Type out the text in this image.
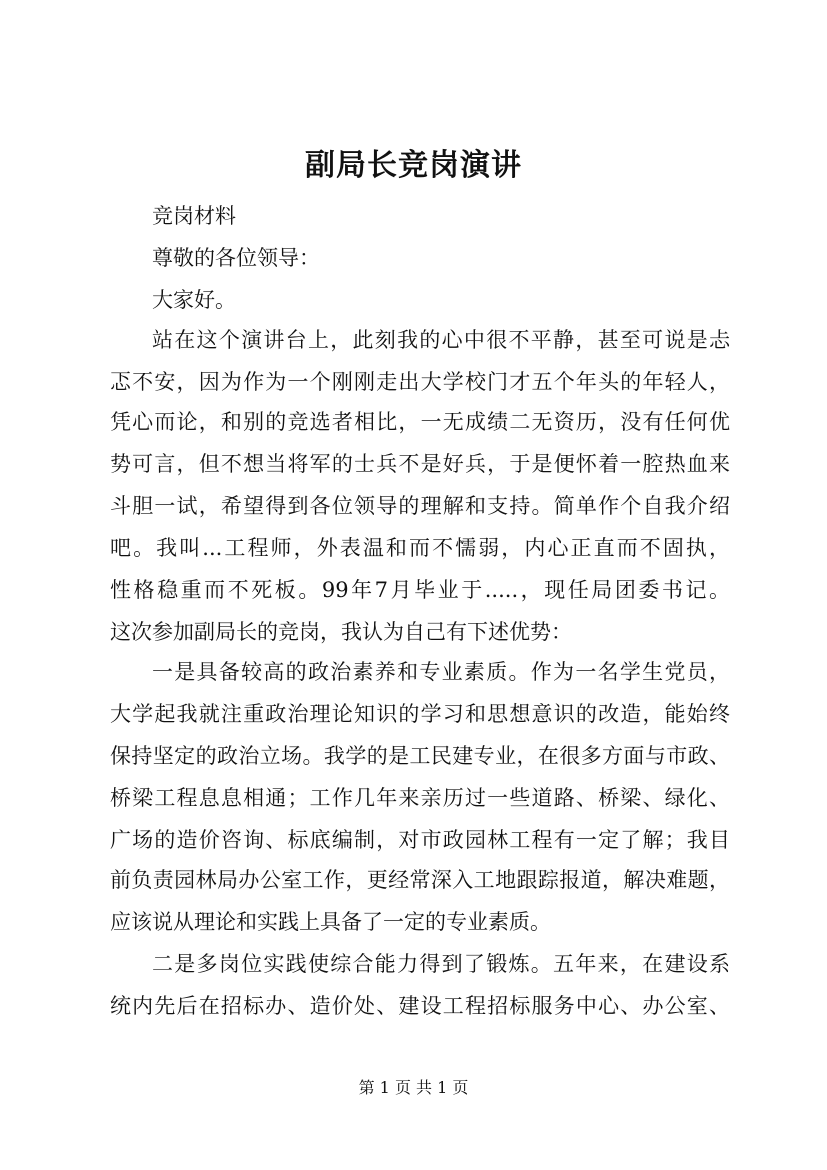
副局长竞岗演讲
竞岗材料
尊敬的各位领导：
大家好。
站在这个演讲台上，此刻我的心中很不平静，甚至可说是忐
忑不安，因为作为一个刚刚走出大学校门才五个年头的年轻人，
凭心而论，和别的竞选者相比，一无成绩二无资历，没有任何优
势可言，但不想当将军的士兵不是好兵，于是便怀着一腔热血来
斗胆一试，希望得到各位领导的理解和支持。简单作个自我介绍
吧。我叫...工程师，外表温和而不懦弱，内心正直而不固执，
性格稳重而不死板。99年7月毕业于.....，现任局团委书记。
这次参加副局长的竞岗，我认为自己有下述优势：
一是具备较高的政治素养和专业素质。作为一名学生党员，
大学起我就注重政治理论知识的学习和思想意识的改造，能始终
保持坚定的政治立场。我学的是工民建专业，在很多方面与市政、
桥梁工程息息相通；工作几年来亲历过一些道路、桥梁、绿化、
广场的造价咨询、标底编制，对市政园林工程有一定了解；我目
前负责园林局办公室工作，更经常深入工地跟踪报道，解决难题，
应该说从理论和实践上具备了一定的专业素质。
二是多岗位实践使综合能力得到了锻炼。五年来，在建设系
统内先后在招标办、造价处、建设工程招标服务中心、办公室、
第 1 页 共 1 页
